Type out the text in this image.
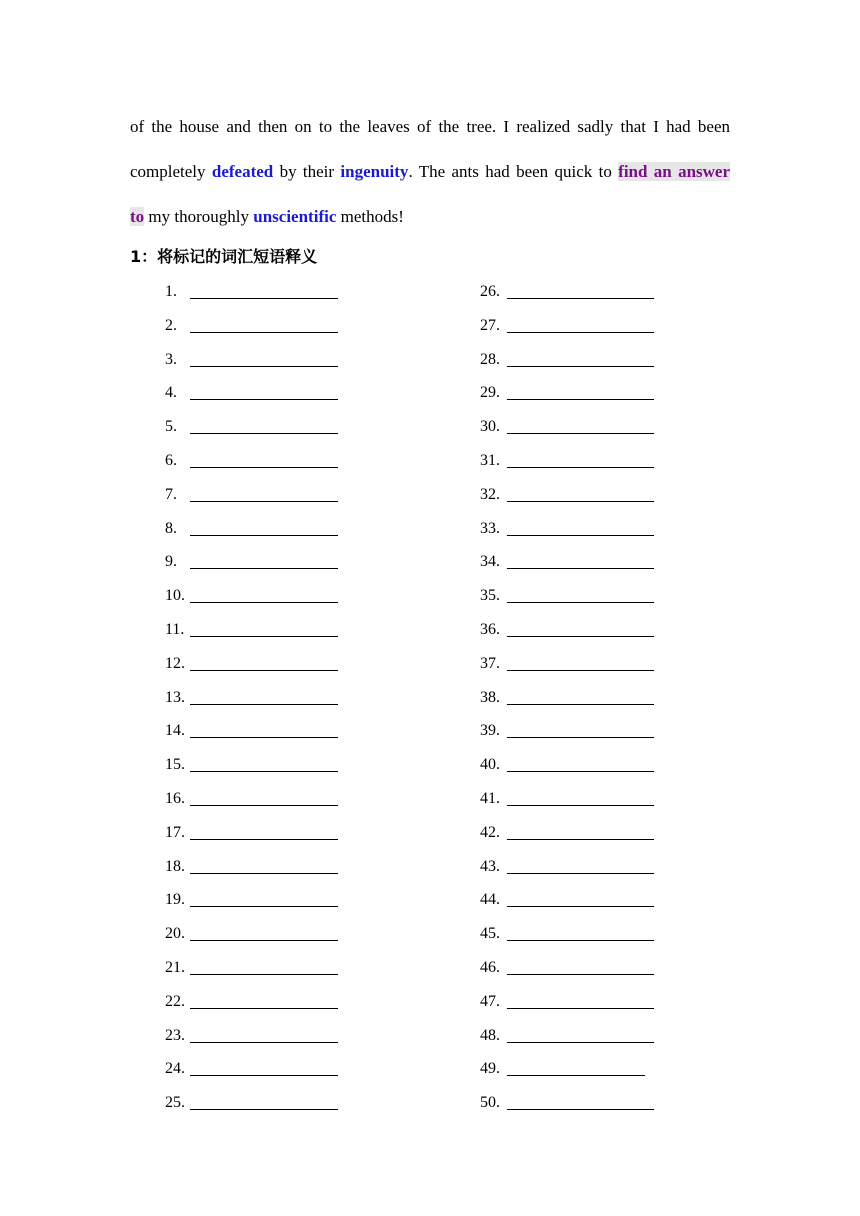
of the house and then on to the leaves of the tree. I realized sadly that I had been
completely defeated by their ingenuity. The ants had been quick to find an answer
to my thoroughly unscientific methods!
1：将标记的词汇短语释义
1.
2.
3.
4.
5.
6.
7.
8.
9.
10.
11.
12.
13.
14.
15.
16.
17.
18.
19.
20.
21.
22.
23.
24.
25.
26.
27.
28.
29.
30.
31.
32.
33.
34.
35.
36.
37.
38.
39.
40.
41.
42.
43.
44.
45.
46.
47.
48.
49.
50.
